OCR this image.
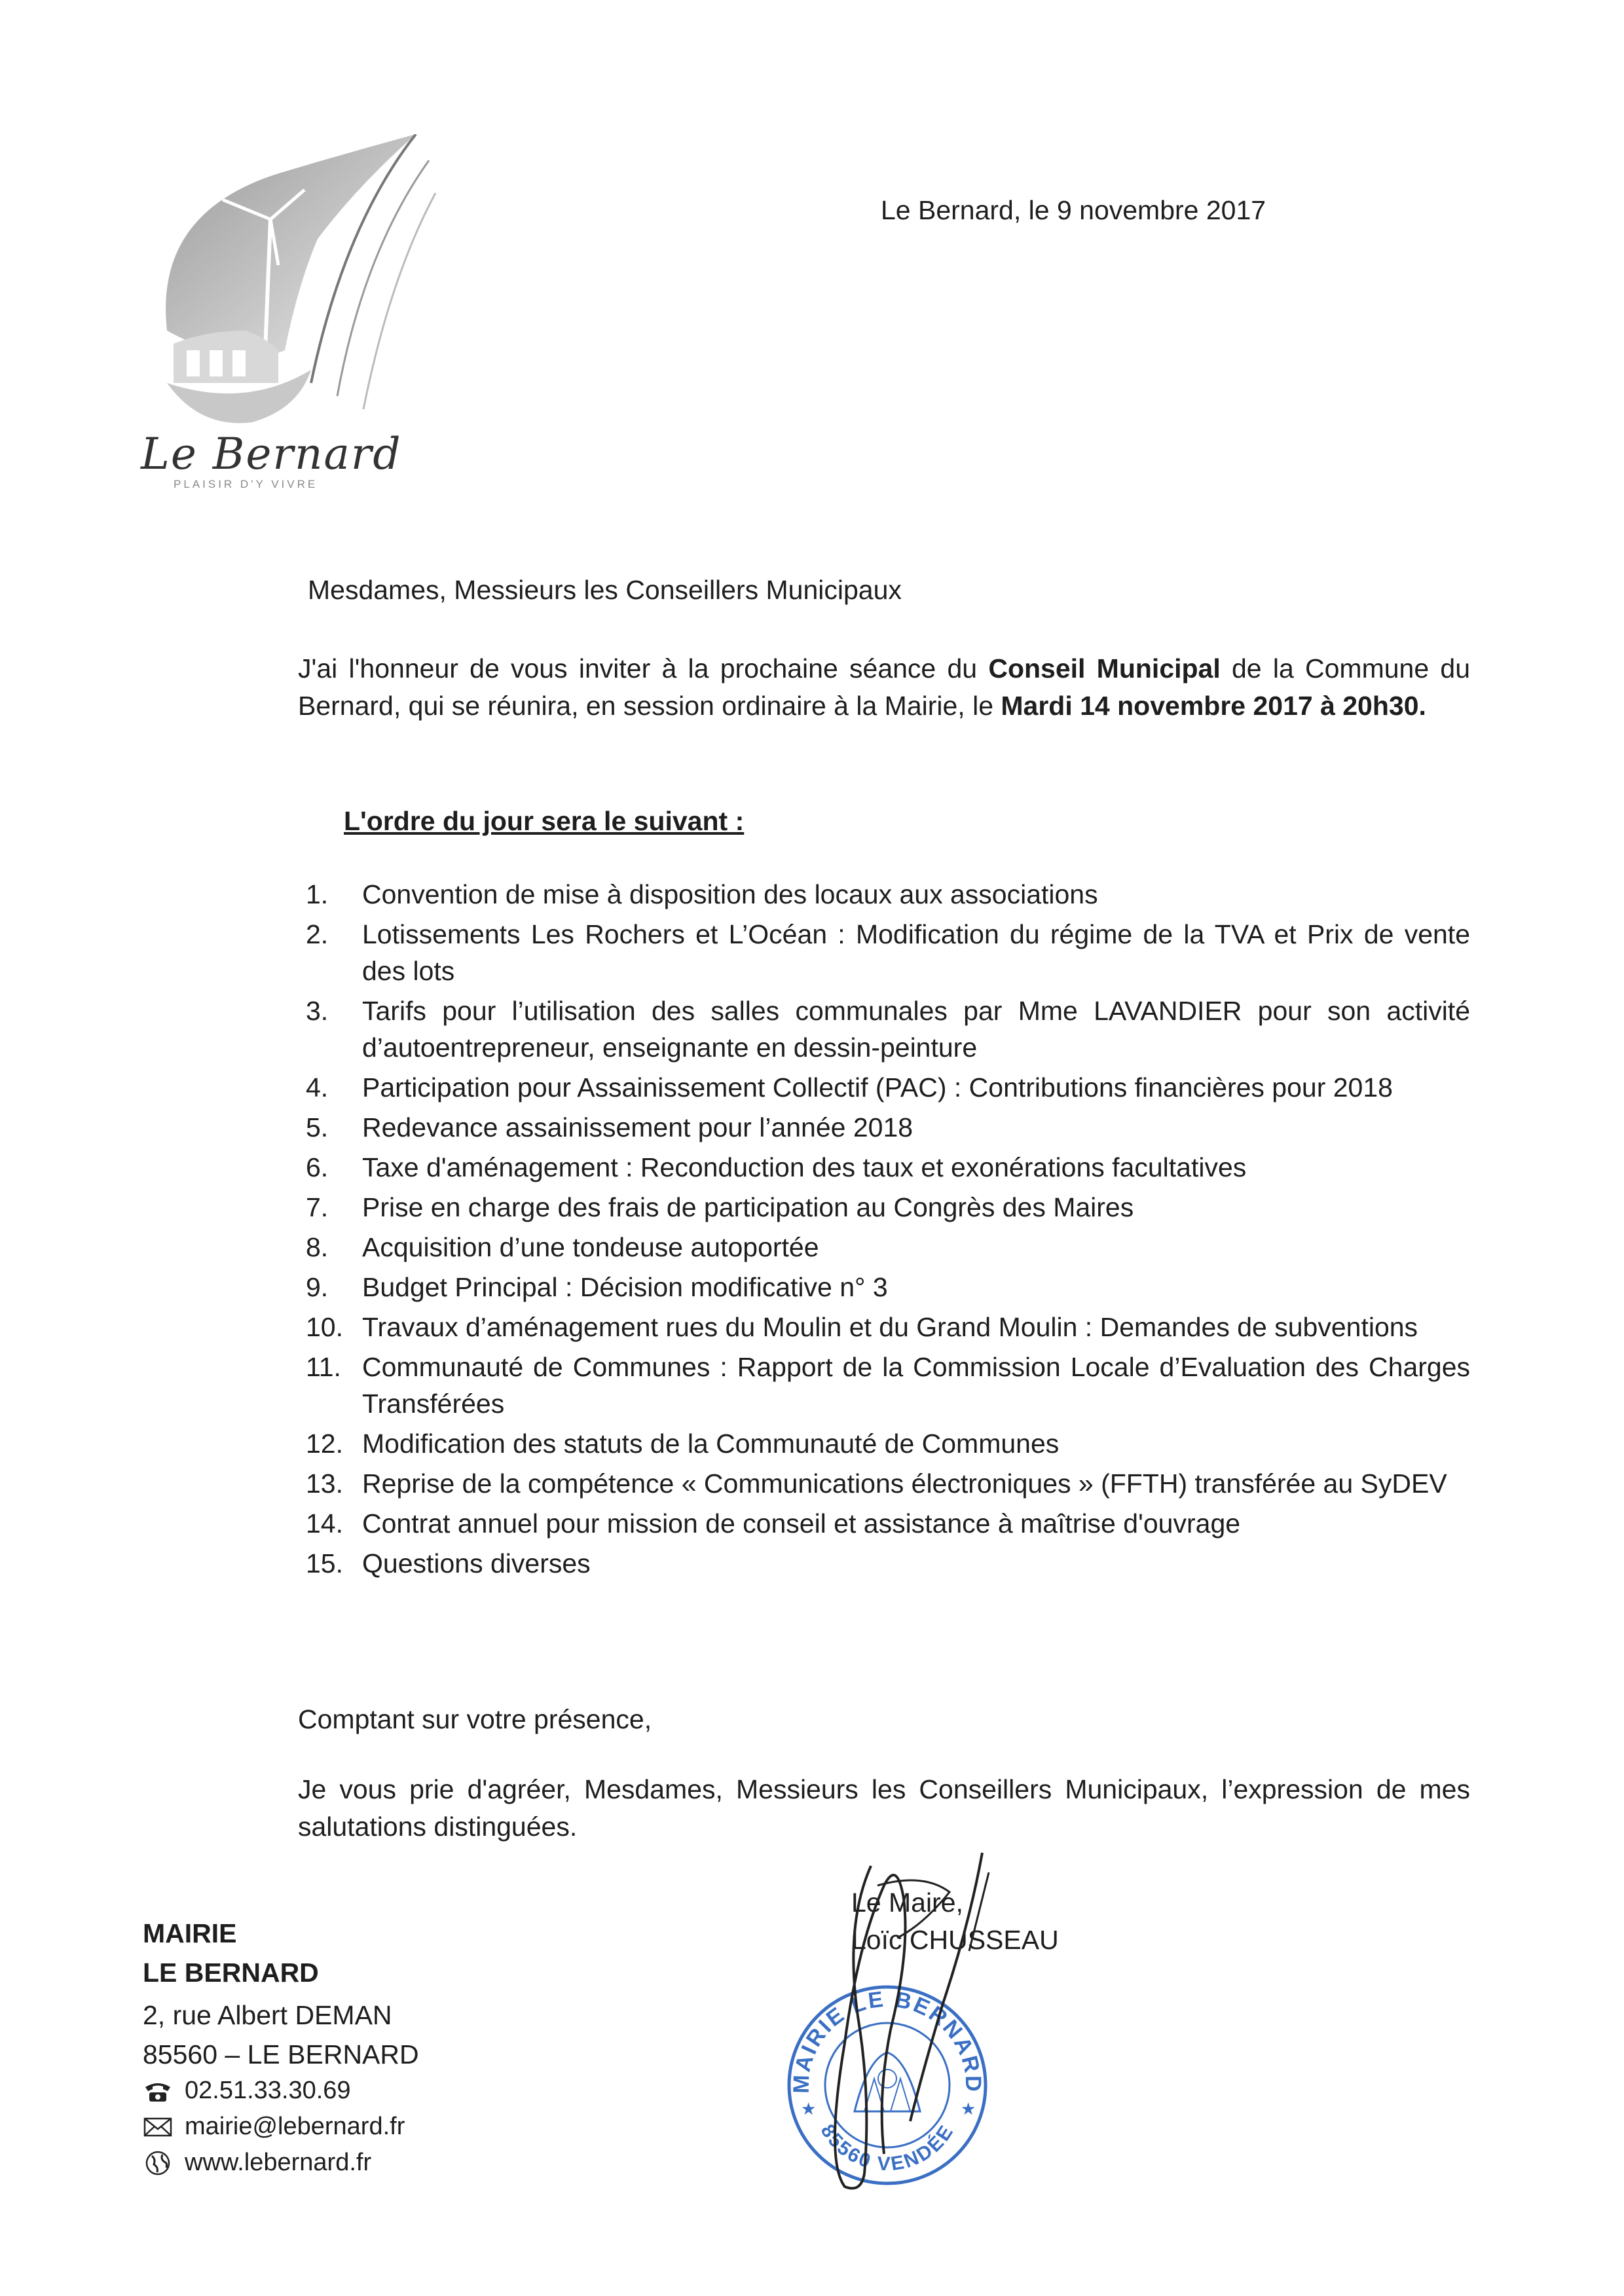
Le Bernard
PLAISIR D'Y VIVRE
Le Bernard, le 9 novembre 2017
Mesdames, Messieurs les Conseillers Municipaux
J'ai l'honneur de vous inviter à la prochaine séance du Conseil Municipal de la Commune du Bernard, qui se réunira, en session ordinaire à la Mairie, le Mardi 14 novembre 2017 à 20h30.
L'ordre du jour sera le suivant :
1. Convention de mise à disposition des locaux aux associations
2. Lotissements Les Rochers et L’Océan : Modification du régime de la TVA et Prix de vente des lots
3. Tarifs pour l’utilisation des salles communales par Mme LAVANDIER pour son activité d’autoentrepreneur, enseignante en dessin-peinture
4. Participation pour Assainissement Collectif (PAC) : Contributions financières pour 2018
5. Redevance assainissement pour l’année 2018
6. Taxe d'aménagement : Reconduction des taux et exonérations facultatives
7. Prise en charge des frais de participation au Congrès des Maires
8. Acquisition d’une tondeuse autoportée
9. Budget Principal : Décision modificative n° 3
10. Travaux d’aménagement rues du Moulin et du Grand Moulin : Demandes de subventions
11. Communauté de Communes : Rapport de la Commission Locale d’Evaluation des Charges Transférées
12. Modification des statuts de la Communauté de Communes
13. Reprise de la compétence « Communications électroniques » (FFTH) transférée au SyDEV
14. Contrat annuel pour mission de conseil et assistance à maîtrise d'ouvrage
15. Questions diverses
Comptant sur votre présence,
Je vous prie d'agréer, Mesdames, Messieurs les Conseillers Municipaux, l’expression de mes salutations distinguées.
MAIRIE LE BERNARD
85560 VENDÉE
★	★
Le Maire,
Loïc CHUSSEAU
MAIRIE
LE BERNARD
2, rue Albert DEMAN
85560 – LE BERNARD
02.51.33.30.69
mairie@lebernard.fr
www.lebernard.fr
